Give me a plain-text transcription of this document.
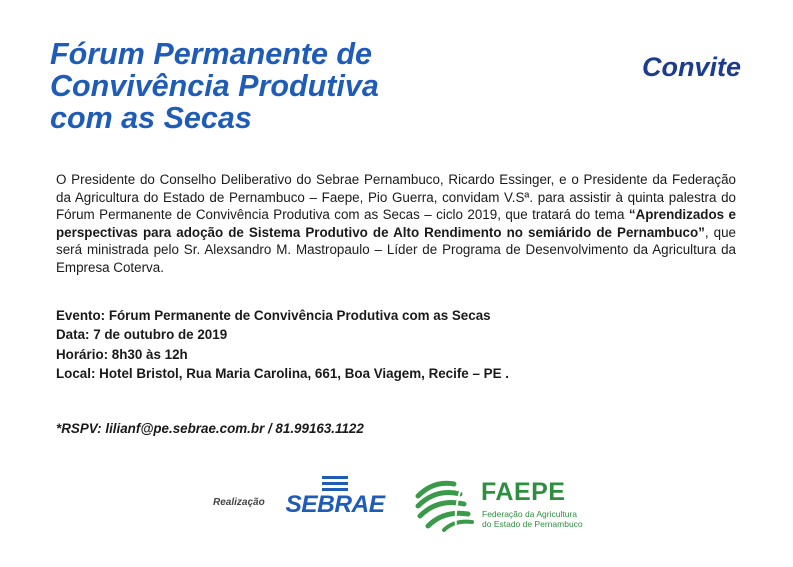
Fórum Permanente de
Convivência Produtiva
com as Secas
Convite

O Presidente do Conselho Deliberativo do Sebrae Pernambuco, Ricardo Essinger, e o Presidente da Federação da Agricultura do Estado de Pernambuco – Faepe, Pio Guerra, convidam V.Sª. para assistir à quinta palestra do Fórum Permanente de Convivência Produtiva com as Secas – ciclo 2019, que tratará do tema “Aprendizados e perspectivas para adoção de Sistema Produtivo de Alto Rendimento no semiárido de Pernambuco”, que será ministrada pelo Sr. Alexsandro M. Mastropaulo – Líder de Programa de Desenvolvimento da Agricultura da Empresa Coterva.

Evento: Fórum Permanente de Convivência Produtiva com as Secas
Data: 7 de outubro de 2019
Horário: 8h30 às 12h
Local: Hotel Bristol, Rua Maria Carolina, 661, Boa Viagem, Recife – PE .
*RSPV: lilianf@pe.sebrae.com.br / 81.99163.1122
Realização SEBRAE	FAEPE
Federação da Agricultura
do Estado de Pernambuco
